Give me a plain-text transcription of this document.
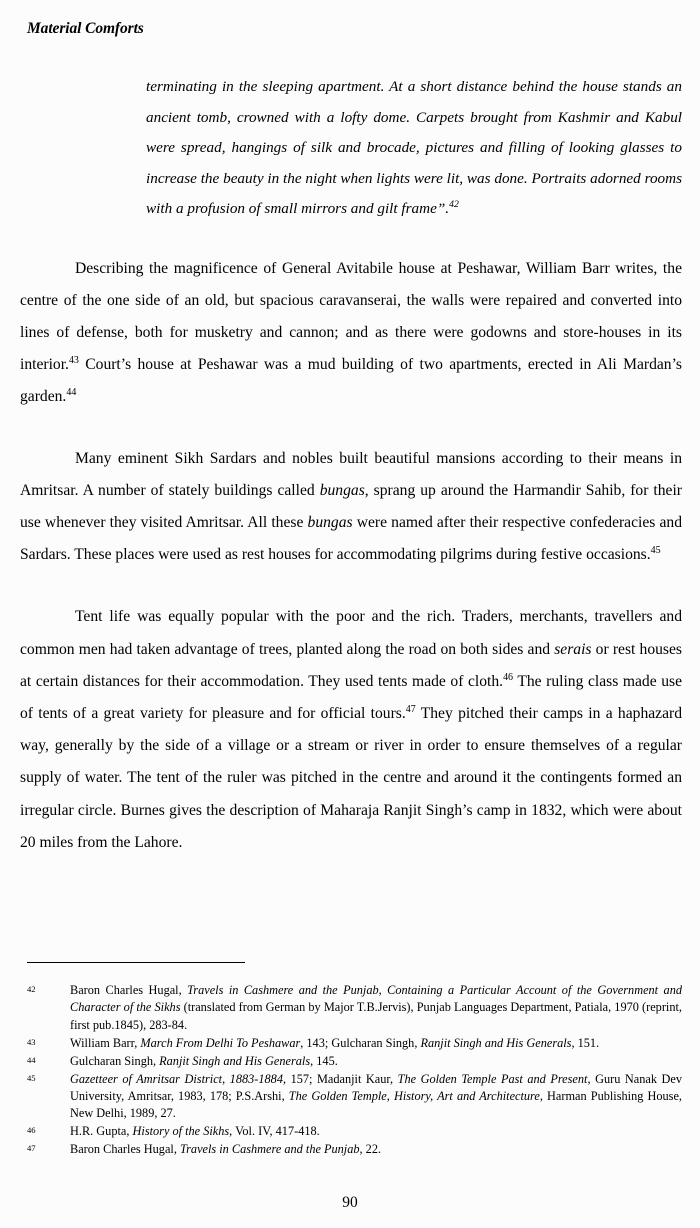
Material Comforts
terminating in the sleeping apartment. At a short distance behind the house stands an ancient tomb, crowned with a lofty dome. Carpets brought from Kashmir and Kabul were spread, hangings of silk and brocade, pictures and filling of looking glasses to increase the beauty in the night when lights were lit, was done. Portraits adorned rooms with a profusion of small mirrors and gilt frame”.$^{42}$

Describing the magnificence of General Avitabile house at Peshawar, William Barr writes, the centre of the one side of an old, but spacious caravanserai, the walls were repaired and converted into lines of defense, both for musketry and cannon; and as there were godowns and store-houses in its interior.$^{43}$ Court’s house at Peshawar was a mud building of two apartments, erected in Ali Mardan’s garden.$^{44}$

Many eminent Sikh Sardars and nobles built beautiful mansions according to their means in Amritsar. A number of stately buildings called bungas, sprang up around the Harmandir Sahib, for their use whenever they visited Amritsar. All these bungas were named after their respective confederacies and Sardars. These places were used as rest houses for accommodating pilgrims during festive occasions.$^{45}$

Tent life was equally popular with the poor and the rich. Traders, merchants, travellers and common men had taken advantage of trees, planted along the road on both sides and serais or rest houses at certain distances for their accommodation. They used tents made of cloth.$^{46}$ The ruling class made use of tents of a great variety for pleasure and for official tours.$^{47}$ They pitched their camps in a haphazard way, generally by the side of a village or a stream or river in order to ensure themselves of a regular supply of water. The tent of the ruler was pitched in the centre and around it the contingents formed an irregular circle. Burnes gives the description of Maharaja Ranjit Singh’s camp in 1832, which were about 20 miles from the Lahore.

42	Baron Charles Hugal, Travels in Cashmere and the Punjab, Containing a Particular Account of the Government and Character of the Sikhs (translated from German by Major T.B.Jervis), Punjab Languages Department, Patiala, 1970 (reprint, first pub.1845), 283-84.
43	William Barr, March From Delhi To Peshawar, 143; Gulcharan Singh, Ranjit Singh and His Generals, 151.
44	Gulcharan Singh, Ranjit Singh and His Generals, 145.
45	Gazetteer of Amritsar District, 1883-1884, 157; Madanjit Kaur, The Golden Temple Past and Present, Guru Nanak Dev University, Amritsar, 1983, 178; P.S.Arshi, The Golden Temple, History, Art and Architecture, Harman Publishing House, New Delhi, 1989, 27.
46	H.R. Gupta, History of the Sikhs, Vol. IV, 417-418.
47	Baron Charles Hugal, Travels in Cashmere and the Punjab, 22.
90
